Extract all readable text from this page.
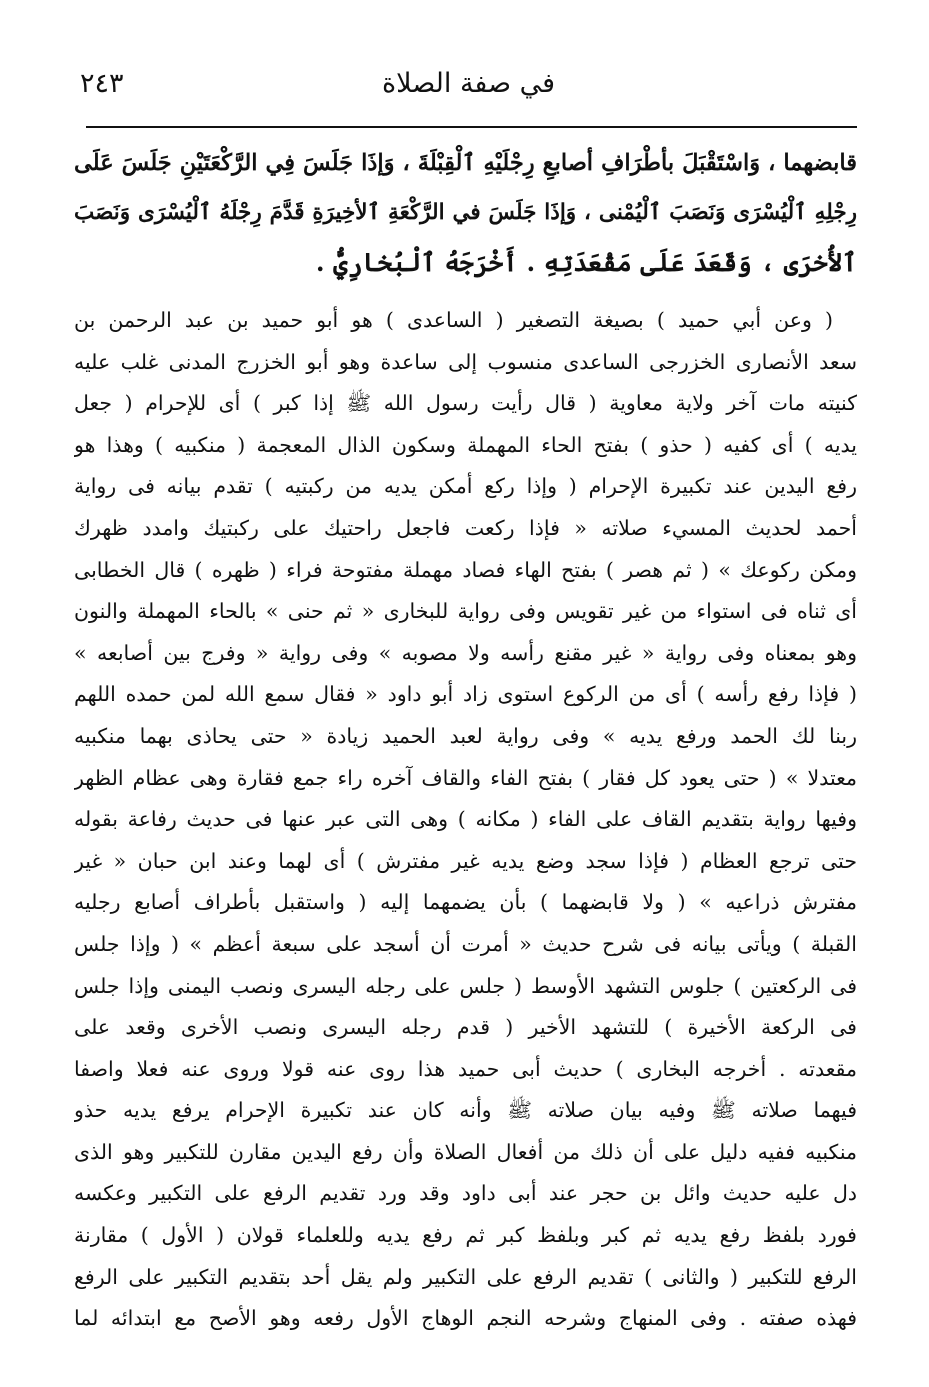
في صفة الصلاة
٢٤٣
قابضهما ، وَاسْتَقْبَلَ بأطْرَافِ أصابعِ رِجْلَيْهِ ٱلْقِبْلَةَ ، وَإذَا جَلَسَ فِي الرَّكْعَتَيْنِ جَلَسَ عَلَى
رِجْلِهِ ٱلْيُسْرَى وَنَصَبَ ٱلْيُمْنى ، وَإذَا جَلَسَ في الرَّكْعَةِ ٱلأخِيرَةِ قَدَّمَ رِجْلَهُ ٱلْيُسْرَى وَنَصَبَ
ٱلأُخرَى ، وَقَعَدَ عَلَى مَقْعَدَتِهِ . أَخْرَجَهُ ٱلْبُخارِيُّ .
( وعن أبي حميد ) بصيغة التصغير ( الساعدى ) هو أبو حميد بن عبد الرحمن بن
سعد الأنصارى الخزرجى الساعدى منسوب إلى ساعدة وهو أبو الخزرج المدنى غلب عليه
كنيته مات آخر ولاية معاوية ( قال رأيت رسول الله ﷺ إذا كبر ) أى للإحرام ( جعل
يديه ) أى كفيه ( حذو ) بفتح الحاء المهملة وسكون الذال المعجمة ( منكبيه ) وهذا هو
رفع اليدين عند تكبيرة الإحرام ( وإذا ركع أمكن يديه من ركبتيه ) تقدم بيانه فى رواية
أحمد لحديث المسيء صلاته « فإذا ركعت فاجعل راحتيك على ركبتيك وامدد ظهرك
ومكن ركوعك » ( ثم هصر ) بفتح الهاء فصاد مهملة مفتوحة فراء ( ظهره ) قال الخطابى
أى ثناه فى استواء من غير تقويس وفى رواية للبخارى « ثم حنى » بالحاء المهملة والنون
وهو بمعناه وفى رواية « غير مقنع رأسه ولا مصوبه » وفى رواية « وفرج بين أصابعه »
( فإذا رفع رأسه ) أى من الركوع استوى زاد أبو داود « فقال سمع الله لمن حمده اللهم
ربنا لك الحمد ورفع يديه » وفى رواية لعبد الحميد زيادة « حتى يحاذى بهما منكبيه
معتدلا » ( حتى يعود كل فقار ) بفتح الفاء والقاف آخره راء جمع فقارة وهى عظام الظهر
وفيها رواية بتقديم القاف على الفاء ( مكانه ) وهى التى عبر عنها فى حديث رفاعة بقوله
حتى ترجع العظام ( فإذا سجد وضع يديه غير مفترش ) أى لهما وعند ابن حبان « غير
مفترش ذراعيه » ( ولا قابضهما ) بأن يضمهما إليه ( واستقبل بأطراف أصابع رجليه
القبلة ) ويأتى بيانه فى شرح حديث « أمرت أن أسجد على سبعة أعظم » ( وإذا جلس
فى الركعتين ) جلوس التشهد الأوسط ( جلس على رجله اليسرى ونصب اليمنى وإذا جلس
فى الركعة الأخيرة ) للتشهد الأخير ( قدم رجله اليسرى ونصب الأخرى وقعد على
مقعدته . أخرجه البخارى ) حديث أبى حميد هذا روى عنه قولا وروى عنه فعلا واصفا
فيهما صلاته ﷺ وفيه بيان صلاته ﷺ وأنه كان عند تكبيرة الإحرام يرفع يديه حذو
منكبيه ففيه دليل على أن ذلك من أفعال الصلاة وأن رفع اليدين مقارن للتكبير وهو الذى
دل عليه حديث وائل بن حجر عند أبى داود وقد ورد تقديم الرفع على التكبير وعكسه
فورد بلفظ رفع يديه ثم كبر وبلفظ كبر ثم رفع يديه وللعلماء قولان ( الأول ) مقارنة
الرفع للتكبير ( والثانى ) تقديم الرفع على التكبير ولم يقل أحد بتقديم التكبير على الرفع
فهذه صفته . وفى المنهاج وشرحه النجم الوهاج الأول رفعه وهو الأصح مع ابتدائه لما
